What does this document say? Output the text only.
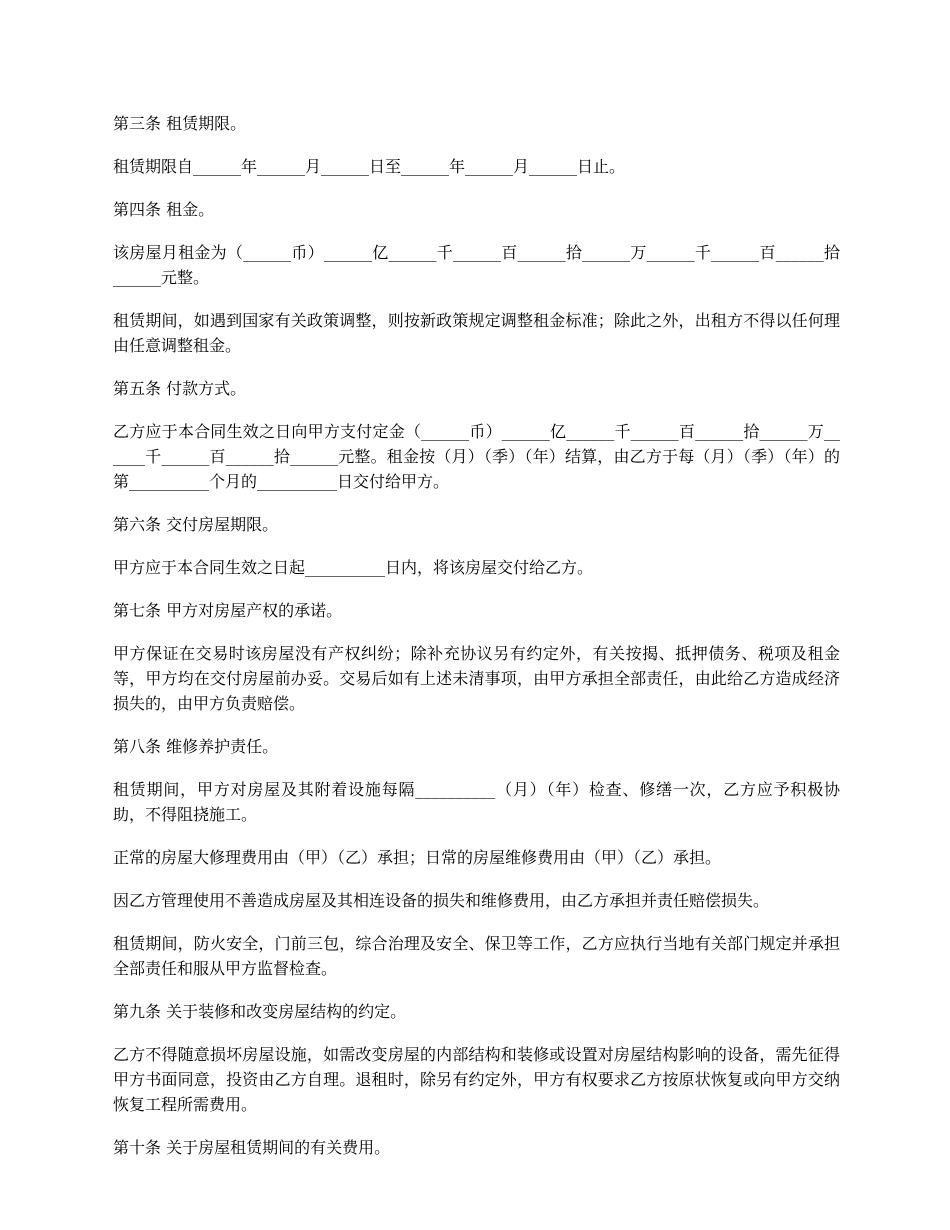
第三条 租赁期限。

租赁期限自______年______月______日至______年______月______日止。

第四条 租金。

该房屋月租金为（______币）______亿______千______百______拾______万______千______百______拾______元整。

租赁期间，如遇到国家有关政策调整，则按新政策规定调整租金标准；除此之外，出租方不得以任何理由任意调整租金。

第五条 付款方式。

乙方应于本合同生效之日向甲方支付定金（______币）______亿______千______百______拾______万______千______百______拾______元整。租金按（月）（季）（年）结算，由乙方于每（月）（季）（年）的第__________个月的__________日交付给甲方。

第六条 交付房屋期限。

甲方应于本合同生效之日起__________日内，将该房屋交付给乙方。

第七条 甲方对房屋产权的承诺。

甲方保证在交易时该房屋没有产权纠纷；除补充协议另有约定外，有关按揭、抵押债务、税项及租金等，甲方均在交付房屋前办妥。交易后如有上述未清事项，由甲方承担全部责任，由此给乙方造成经济损失的，由甲方负责赔偿。

第八条 维修养护责任。

租赁期间，甲方对房屋及其附着设施每隔__________（月）（年）检查、修缮一次，乙方应予积极协助，不得阻挠施工。

正常的房屋大修理费用由（甲）（乙）承担；日常的房屋维修费用由（甲）（乙）承担。

因乙方管理使用不善造成房屋及其相连设备的损失和维修费用，由乙方承担并责任赔偿损失。

租赁期间，防火安全，门前三包，综合治理及安全、保卫等工作，乙方应执行当地有关部门规定并承担全部责任和服从甲方监督检查。

第九条 关于装修和改变房屋结构的约定。

乙方不得随意损坏房屋设施，如需改变房屋的内部结构和装修或设置对房屋结构影响的设备，需先征得甲方书面同意，投资由乙方自理。退租时，除另有约定外，甲方有权要求乙方按原状恢复或向甲方交纳恢复工程所需费用。

第十条 关于房屋租赁期间的有关费用。
